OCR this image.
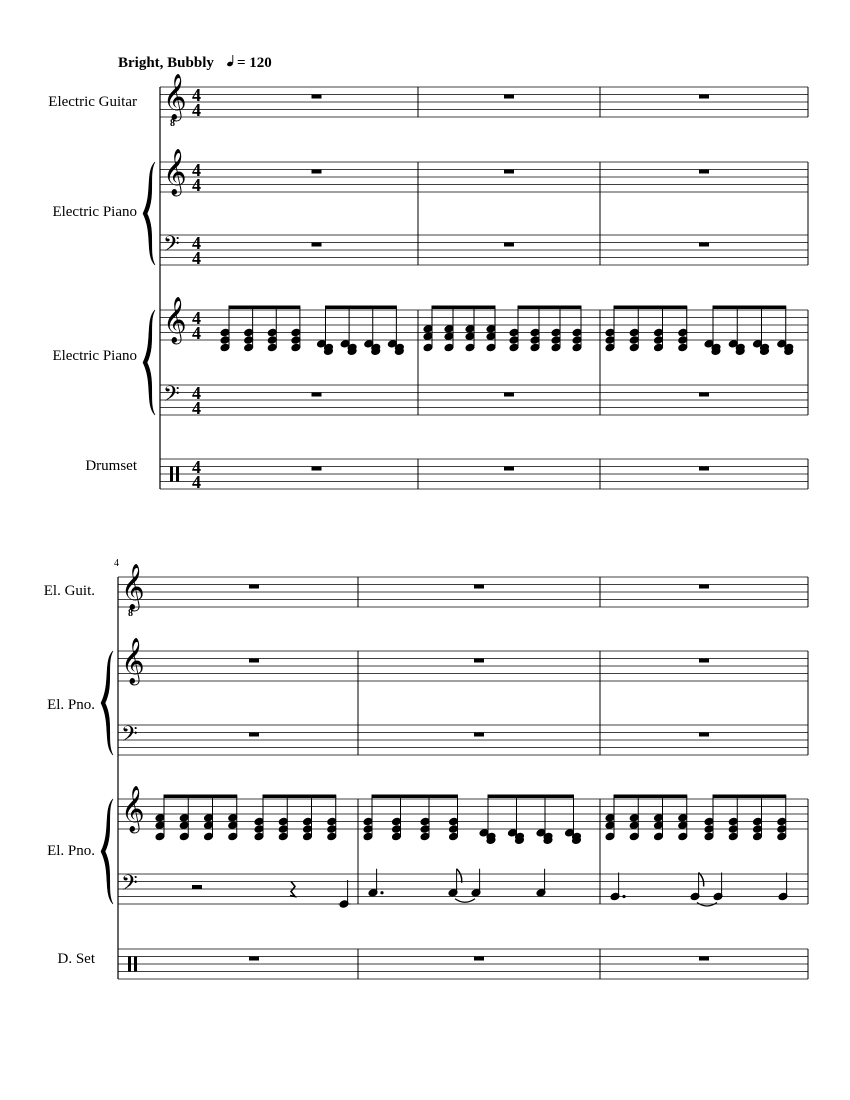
Bright, Bubbly = 120
Electric Guitar
Electric Piano
Electric Piano
Drumset
𝄞
8
𝄞
𝄢
𝄞
𝄢
4
4
4
4
4
4
4
4
4
4
4
4
4
El. Guit.
El. Pno.
El. Pno.
D. Set
𝄞
8
𝄞
𝄢
𝄞
𝄢
